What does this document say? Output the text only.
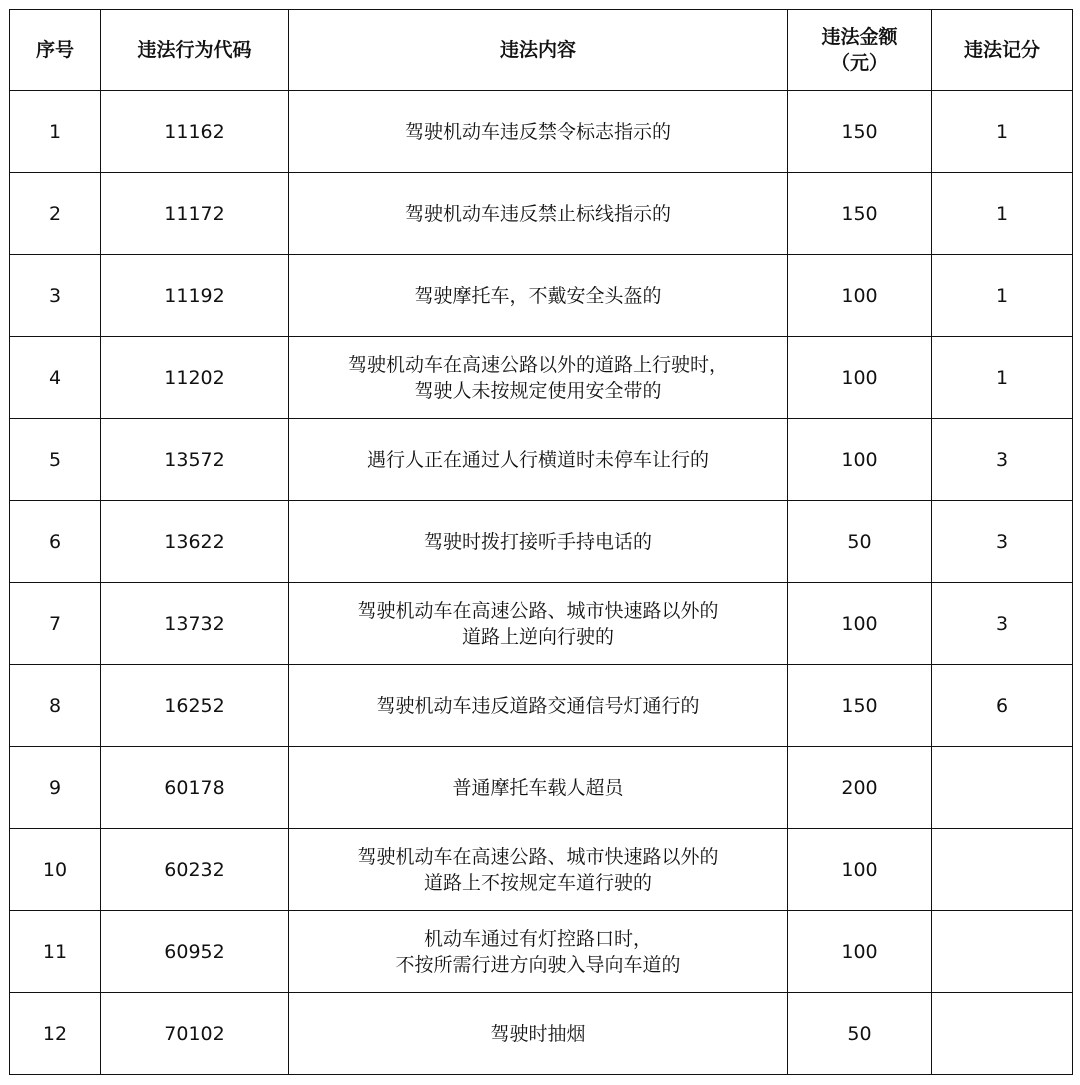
序号	违法行为代码	违法内容	违法金额
（元）	违法记分
1	11162	驾驶机动车违反禁令标志指示的	150	1
2	11172	驾驶机动车违反禁止标线指示的	150	1
3	11192	驾驶摩托车，不戴安全头盔的	100	1
4	11202	驾驶机动车在高速公路以外的道路上行驶时，
驾驶人未按规定使用安全带的	100	1
5	13572	遇行人正在通过人行横道时未停车让行的	100	3
6	13622	驾驶时拨打接听手持电话的	50	3
7	13732	驾驶机动车在高速公路、城市快速路以外的
道路上逆向行驶的	100	3
8	16252	驾驶机动车违反道路交通信号灯通行的	150	6
9	60178	普通摩托车载人超员	200	
10	60232	驾驶机动车在高速公路、城市快速路以外的
道路上不按规定车道行驶的	100	
11	60952	机动车通过有灯控路口时，
不按所需行进方向驶入导向车道的	100	
12	70102	驾驶时抽烟	50	
